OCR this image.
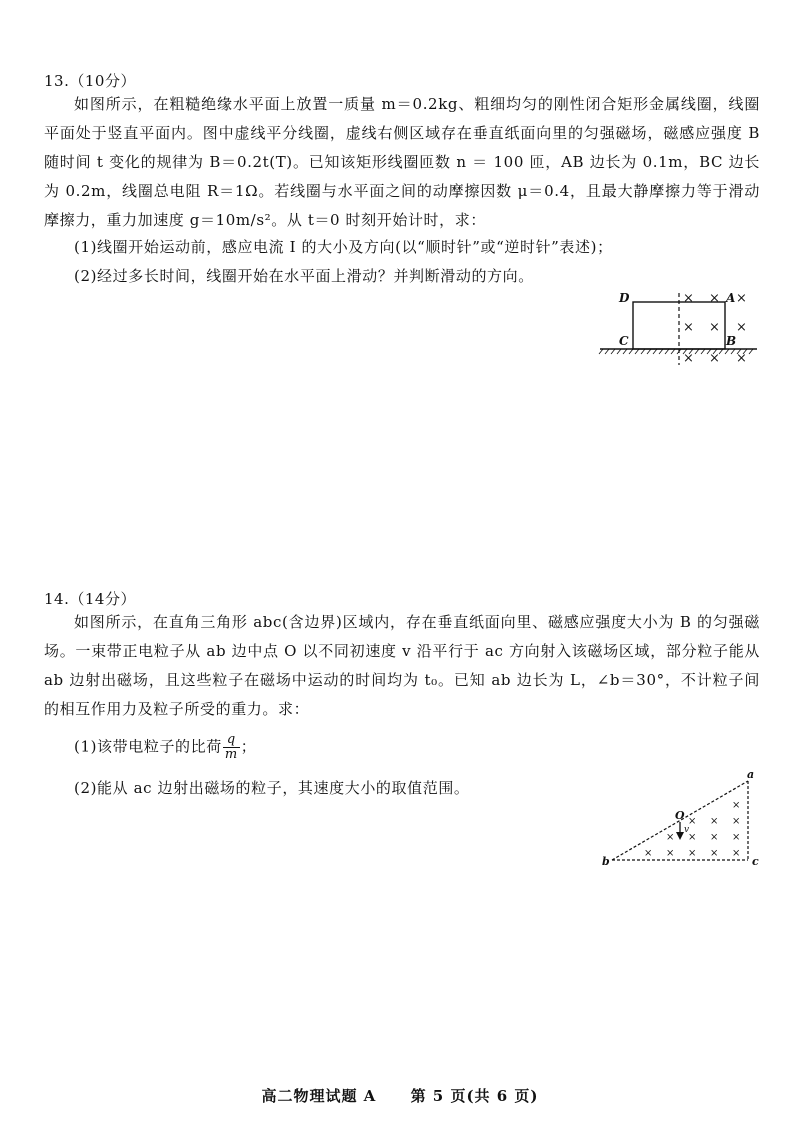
13.（10分）
如图所示，在粗糙绝缘水平面上放置一质量 m＝0.2kg、粗细均匀的刚性闭合矩形金属线圈，线圈平面处于竖直平面内。图中虚线平分线圈，虚线右侧区域存在垂直纸面向里的匀强磁场，磁感应强度 B 随时间 t 变化的规律为 B＝0.2t(T)。已知该矩形线圈匝数 n ＝ 100 匝，AB 边长为 0.1m，BC 边长为 0.2m，线圈总电阻 R＝1Ω。若线圈与水平面之间的动摩擦因数 μ＝0.4，且最大静摩擦力等于滑动摩擦力，重力加速度 g＝10m/s²。从 t＝0 时刻开始计时，求：
(1)线圈开始运动前，感应电流 I 的大小及方向(以“顺时针”或“逆时针”表述)；
(2)经过多长时间，线圈开始在水平面上滑动？并判断滑动的方向。
× × ×
× × ×
× × ×
D	A
C	B
14.（14分）
如图所示，在直角三角形 abc(含边界)区域内，存在垂直纸面向里、磁感应强度大小为 B 的匀强磁场。一束带正电粒子从 ab 边中点 O 以不同初速度 v 沿平行于 ac 方向射入该磁场区域，部分粒子能从 ab 边射出磁场，且这些粒子在磁场中运动的时间均为 t₀。已知 ab 边长为 L，∠b＝30°，不计粒子间的相互作用力及粒子所受的重力。求：
(1)该带电粒子的比荷 $\frac{q}{m}$ ；
(2)能从 ac 边射出磁场的粒子，其速度大小的取值范围。
×
×
×
×
×
×
×
×
×
×
×
×
×
a
b	c
O
v
高二物理试题 A 第 5 页(共 6 页)
